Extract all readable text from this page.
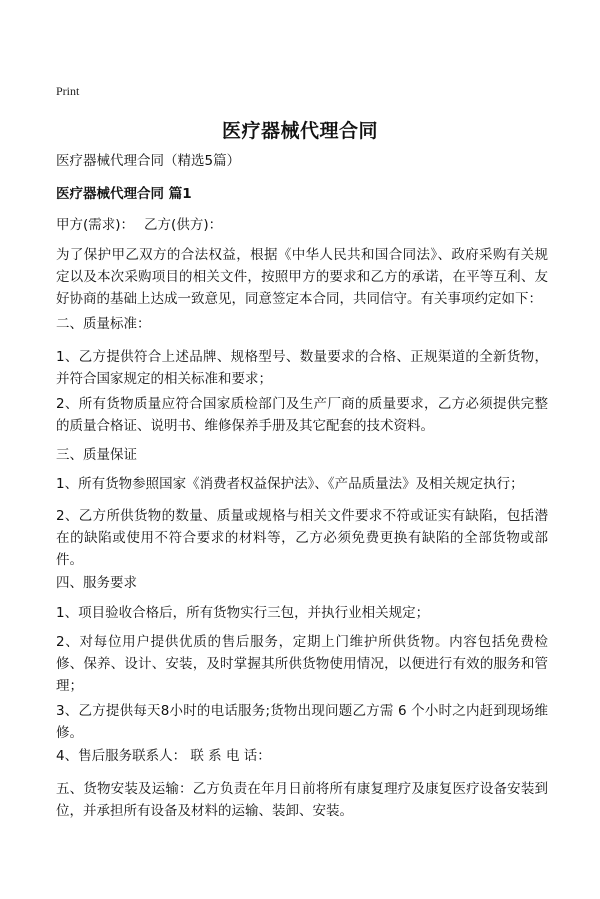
Print
医疗器械代理合同
医疗器械代理合同（精选5篇）
医疗器械代理合同 篇1
甲方(需求)： 乙方(供方)：
为了保护甲乙双方的合法权益，根据《中华人民共和国合同法》、政府采购有关规定以及本次采购项目的相关文件，按照甲方的要求和乙方的承诺，在平等互利、友好协商的基础上达成一致意见，同意签定本合同，共同信守。有关事项约定如下：
二、质量标准：
1、乙方提供符合上述品牌、规格型号、数量要求的合格、正规渠道的全新货物，并符合国家规定的相关标准和要求；
2、所有货物质量应符合国家质检部门及生产厂商的质量要求，乙方必须提供完整的质量合格证、说明书、维修保养手册及其它配套的技术资料。
三、质量保证
1、所有货物参照国家《消费者权益保护法》、《产品质量法》及相关规定执行；
2、乙方所供货物的数量、质量或规格与相关文件要求不符或证实有缺陷，包括潜在的缺陷或使用不符合要求的材料等，乙方必须免费更换有缺陷的全部货物或部件。
四、服务要求
1、项目验收合格后，所有货物实行三包，并执行业相关规定；
2、对每位用户提供优质的售后服务，定期上门维护所供货物。内容包括免费检修、保养、设计、安装，及时掌握其所供货物使用情况，以便进行有效的服务和管理；
3、乙方提供每天8小时的电话服务;货物出现问题乙方需 6 个小时之内赶到现场维修。
4、售后服务联系人： 联 系 电 话：
五、货物安装及运输：乙方负责在年月日前将所有康复理疗及康复医疗设备安装到位，并承担所有设备及材料的运输、装卸、安装。
